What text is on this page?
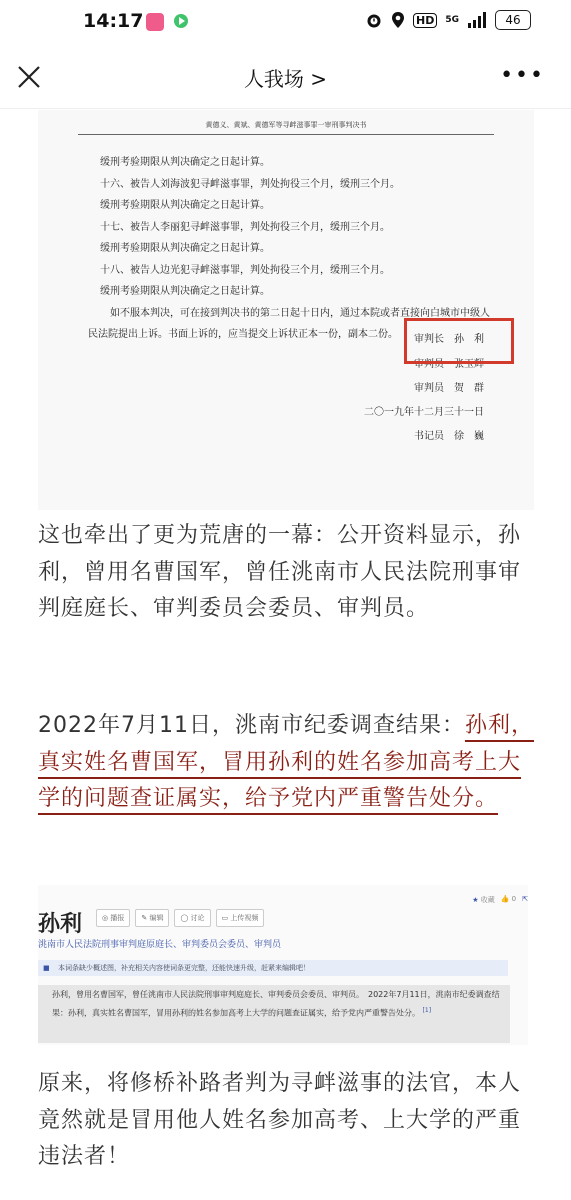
14:17	HD	5G	46
人我场 >	•••
黄德义、黄斌、黄德军等寻衅滋事罪一审刑事判决书
缓刑考验期限从判决确定之日起计算。
十六、被告人刘海波犯寻衅滋事罪，判处拘役三个月，缓刑三个月。
缓刑考验期限从判决确定之日起计算。
十七、被告人李丽犯寻衅滋事罪，判处拘役三个月，缓刑三个月。
缓刑考验期限从判决确定之日起计算。
十八、被告人边光犯寻衅滋事罪，判处拘役三个月，缓刑三个月。
缓刑考验期限从判决确定之日起计算。
如不服本判决，可在接到判决书的第二日起十日内，通过本院或者直接向白城市中级人
民法院提出上诉。书面上诉的，应当提交上诉状正本一份，副本二份。	审判长　孙　利
审判员　张玉辉
审判员　贺　群
二〇一九年十二月三十一日
书记员　徐　巍
这也牵出了更为荒唐的一幕：公开资料显示，孙利，曾用名曹国军，曾任洮南市人民法院刑事审判庭庭长、审判委员会委员、审判员。
2022年7月11日，洮南市纪委调查结果：孙利，真实姓名曹国军，冒用孙利的姓名参加高考上大学的问题查证属实，给予党内严重警告处分。
孙利	◎ 播报	✎ 编辑	◯ 讨论	▭ 上传视频
★ 收藏 👍 0 ⇱
洮南市人民法院刑事审判庭原庭长、审判委员会委员、审判员
■ 本词条缺少概述图，补充相关内容使词条更完整，还能快速升级，赶紧来编辑吧！
孙利，曾用名曹国军，曾任洮南市人民法院刑事审判庭庭长、审判委员会委员、审判员。　2022年7月11日，洮南市纪委调查结果：孙利，真实姓名曹国军，冒用孙利的姓名参加高考上大学的问题查证属实，给予党内严重警告处分。 [1]
原来，将修桥补路者判为寻衅滋事的法官，本人竟然就是冒用他人姓名参加高考、上大学的严重违法者！
